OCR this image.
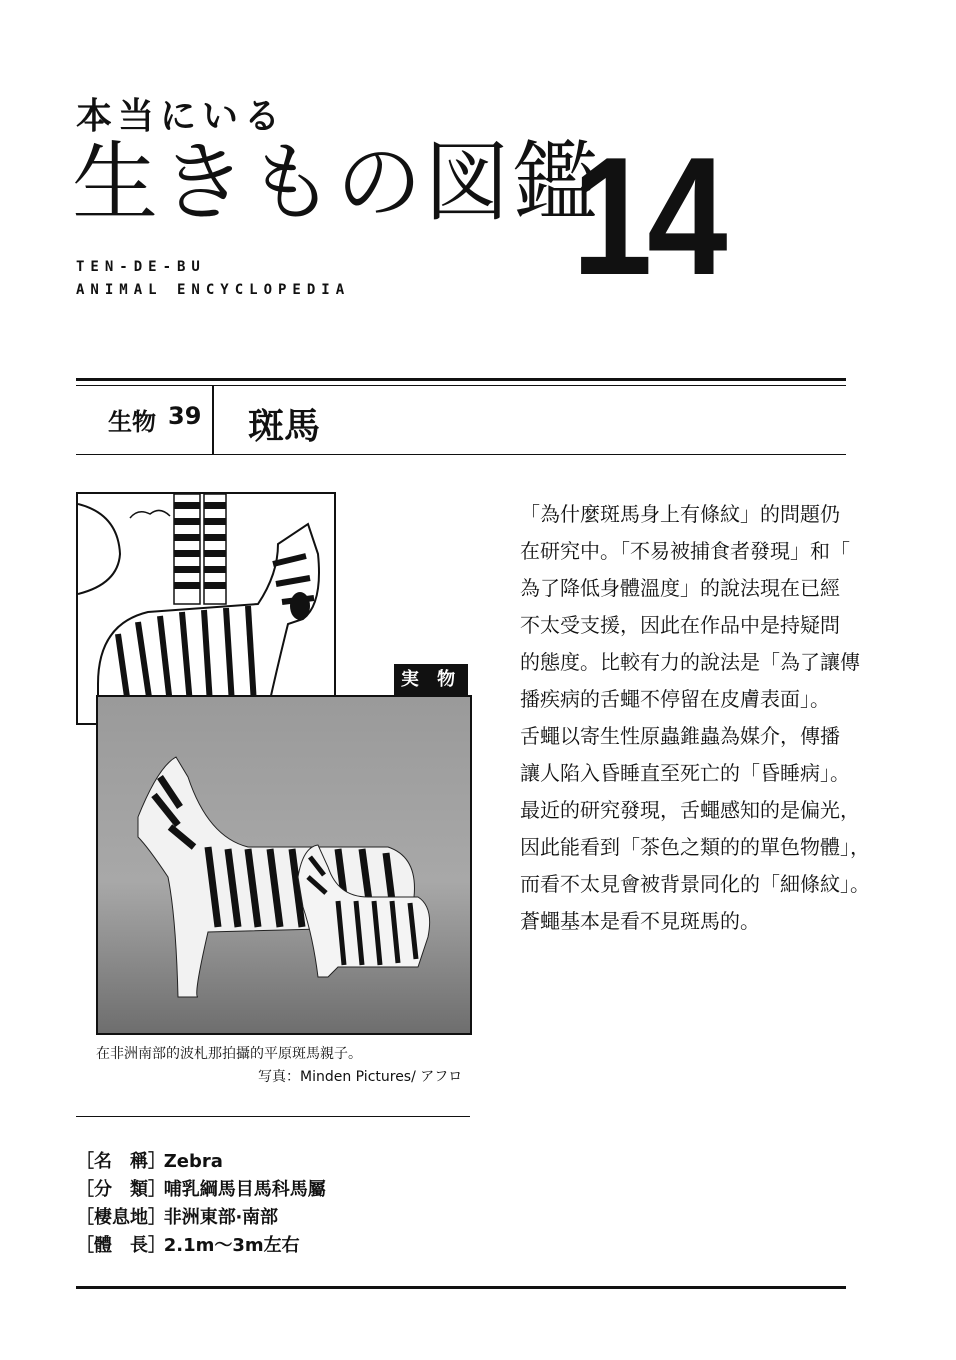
本当にいる
生きもの図鑑
14
TEN-DE-BU
ANIMAL ENCYCLOPEDIA
生物 39 斑馬
実 物
在非洲南部的波札那拍攝的平原斑馬親子。
写真：Minden Pictures/ アフロ
「為什麼斑馬身上有條紋」的問題仍
在研究中。「不易被捕食者發現」和「
為了降低身體溫度」的說法現在已經
不太受支援，因此在作品中是持疑問
的態度。比較有力的說法是「為了讓傳
播疾病的舌蠅不停留在皮膚表面」。
舌蠅以寄生性原蟲錐蟲為媒介，傳播
讓人陷入昏睡直至死亡的「昏睡病」。
最近的研究發現，舌蠅感知的是偏光，
因此能看到「茶色之類的的單色物體」，
而看不太見會被背景同化的「細條紋」。
蒼蠅基本是看不見斑馬的。
［名　稱］ Zebra
［分　類］ 哺乳綱馬目馬科馬屬
［棲息地］ 非洲東部‧南部
［體　長］ 2.1m〜3m左右
